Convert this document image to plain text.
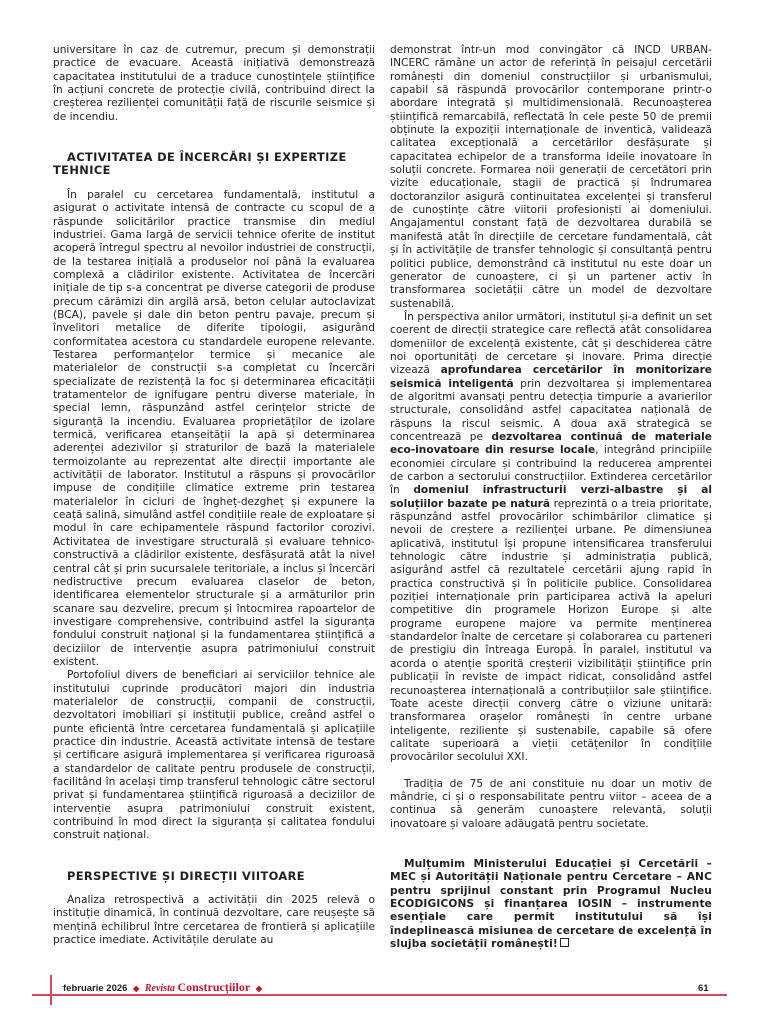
universitare în caz de cutremur, precum și demonstrații practice de evacuare. Această inițiativă demonstrează capacitatea institutului de a traduce cunoștințele științifice în acțiuni concrete de protecție civilă, contribuind direct la creșterea rezilienței comunității față de riscurile seismice și de incendiu.

ACTIVITATEA DE ÎNCERCĂRI ȘI EXPERTIZE TEHNICE

În paralel cu cercetarea fundamentală, institutul a asigurat o activitate intensă de contracte cu scopul de a răspunde solicitărilor practice transmise din mediul industriei. Gama largă de servicii tehnice oferite de institut acoperă întregul spectru al nevoilor industriei de construcții, de la testarea inițială a produselor noi până la evaluarea complexă a clădirilor existente. Activitatea de încercări inițiale de tip s-a concentrat pe diverse categorii de produse precum cărămizi din argilă arsă, beton celular autoclavizat (BCA), pavele și dale din beton pentru pavaje, precum și învelitori metalice de diferite tipologii, asigurând conformitatea acestora cu standardele europene relevante. Testarea performanțelor termice și mecanice ale materialelor de construcții s-a completat cu încercări specializate de rezistență la foc și determinarea eficacității tratamentelor de ignifugare pentru diverse materiale, în special lemn, răspunzând astfel cerințelor stricte de siguranță la incendiu. Evaluarea proprietăților de izolare termică, verificarea etanșeității la apă și determinarea aderenței adezivilor și straturilor de bază la materialele termoizolante au reprezentat alte direcții importante ale activității de laborator. Institutul a răspuns și provocărilor impuse de condițiile climatice extreme prin testarea materialelor în cicluri de îngheț-dezgheț și expunere la ceață salină, simulând astfel condițiile reale de exploatare și modul în care echipamentele răspund factorilor corozivi. Activitatea de investigare structurală și evaluare tehnico-constructivă a clădirilor existente, desfășurată atât la nivel central cât și prin sucursalele teritoriale, a inclus și încercări nedistructive precum evaluarea claselor de beton, identificarea elementelor structurale și a armăturilor prin scanare sau dezvelire, precum și întocmirea rapoartelor de investigare comprehensive, contribuind astfel la siguranța fondului construit național și la fundamentarea științifică a deciziilor de intervenție asupra patrimoniului construit existent.

Portofoliul divers de beneficiari ai serviciilor tehnice ale institutului cuprinde producători majori din industria materialelor de construcții, companii de construcții, dezvoltatori imobiliari și instituții publice, creând astfel o punte eficientă între cercetarea fundamentală și aplicațiile practice din industrie. Această activitate intensă de testare și certificare asigură implementarea și verificarea riguroasă a standardelor de calitate pentru produsele de construcții, facilitând în același timp transferul tehnologic către sectorul privat și fundamentarea științifică riguroasă a deciziilor de intervenție asupra patrimoniului construit existent, contribuind în mod direct la siguranța și calitatea fondului construit național.

PERSPECTIVE ȘI DIRECȚII VIITOARE

Analiza retrospectivă a activității din 2025 relevă o instituție dinamică, în continuă dezvoltare, care reușește să mențină echilibrul între cercetarea de frontieră și aplicațiile practice imediate. Activitățile derulate au

demonstrat într-un mod convingător că INCD URBAN-INCERC rămâne un actor de referință în peisajul cercetării românești din domeniul construcțiilor și urbanismului, capabil să răspundă provocărilor contemporane printr-o abordare integrată și multidimensională. Recunoașterea științifică remarcabilă, reflectată în cele peste 50 de premii obținute la expoziții internaționale de inventică, validează calitatea excepțională a cercetărilor desfășurate și capacitatea echipelor de a transforma ideile inovatoare în soluții concrete. Formarea noii generații de cercetători prin vizite educaționale, stagii de practică și îndrumarea doctoranzilor asigură continuitatea excelenței și transferul de cunoștințe către viitorii profesioniști ai domeniului. Angajamentul constant față de dezvoltarea durabilă se manifestă atât în direcțiile de cercetare fundamentală, cât și în activitățile de transfer tehnologic și consultanță pentru politici publice, demonstrând că institutul nu este doar un generator de cunoaștere, ci și un partener activ în transformarea societății către un model de dezvoltare sustenabilă.

În perspectiva anilor următori, institutul și-a definit un set coerent de direcții strategice care reflectă atât consolidarea domeniilor de excelență existente, cât și deschiderea către noi oportunități de cercetare și inovare. Prima direcție vizează aprofundarea cercetărilor în monitorizare seismică inteligentă prin dezvoltarea și implementarea de algoritmi avansați pentru detecția timpurie a avarierilor structurale, consolidând astfel capacitatea națională de răspuns la riscul seismic. A doua axă strategică se concentrează pe dezvoltarea continuă de materiale eco-inovatoare din resurse locale, integrând principiile economiei circulare și contribuind la reducerea amprentei de carbon a sectorului construcțiilor. Extinderea cercetărilor în domeniul infrastructurii verzi-albastre și al soluțiilor bazate pe natură reprezintă o a treia prioritate, răspunzând astfel provocărilor schimbărilor climatice și nevoii de creștere a rezilienței urbane. Pe dimensiunea aplicativă, institutul își propune intensificarea transferului tehnologic către industrie și administrația publică, asigurând astfel că rezultatele cercetării ajung rapid în practica constructivă și în politicile publice. Consolidarea poziției internaționale prin participarea activă la apeluri competitive din programele Horizon Europe și alte programe europene majore va permite menținerea standardelor înalte de cercetare și colaborarea cu parteneri de prestigiu din întreaga Europă. În paralel, institutul va acorda o atenție sporită creșterii vizibilității științifice prin publicații în reviste de impact ridicat, consolidând astfel recunoașterea internațională a contribuțiilor sale științifice. Toate aceste direcții converg către o viziune unitară: transformarea orașelor românești în centre urbane inteligente, reziliente și sustenabile, capabile să ofere calitate superioară a vieții cetățenilor în condițiile provocărilor secolului XXI.

Tradiția de 75 de ani constituie nu doar un motiv de mândrie, ci și o responsabilitate pentru viitor – aceea de a continua să generăm cunoaștere relevantă, soluții inovatoare și valoare adăugată pentru societate.

Mulțumim Ministerului Educației și Cercetării – MEC și Autorității Naționale pentru Cercetare – ANC pentru sprijinul constant prin Programul Nucleu ECODIGICONS și finanțarea IOSIN – instrumente esențiale care permit institutului să își îndeplinească misiunea de cercetare de excelență în slujba societății românești!

februarie 2026 ◆ Revista Construcțiilor ◆	61
